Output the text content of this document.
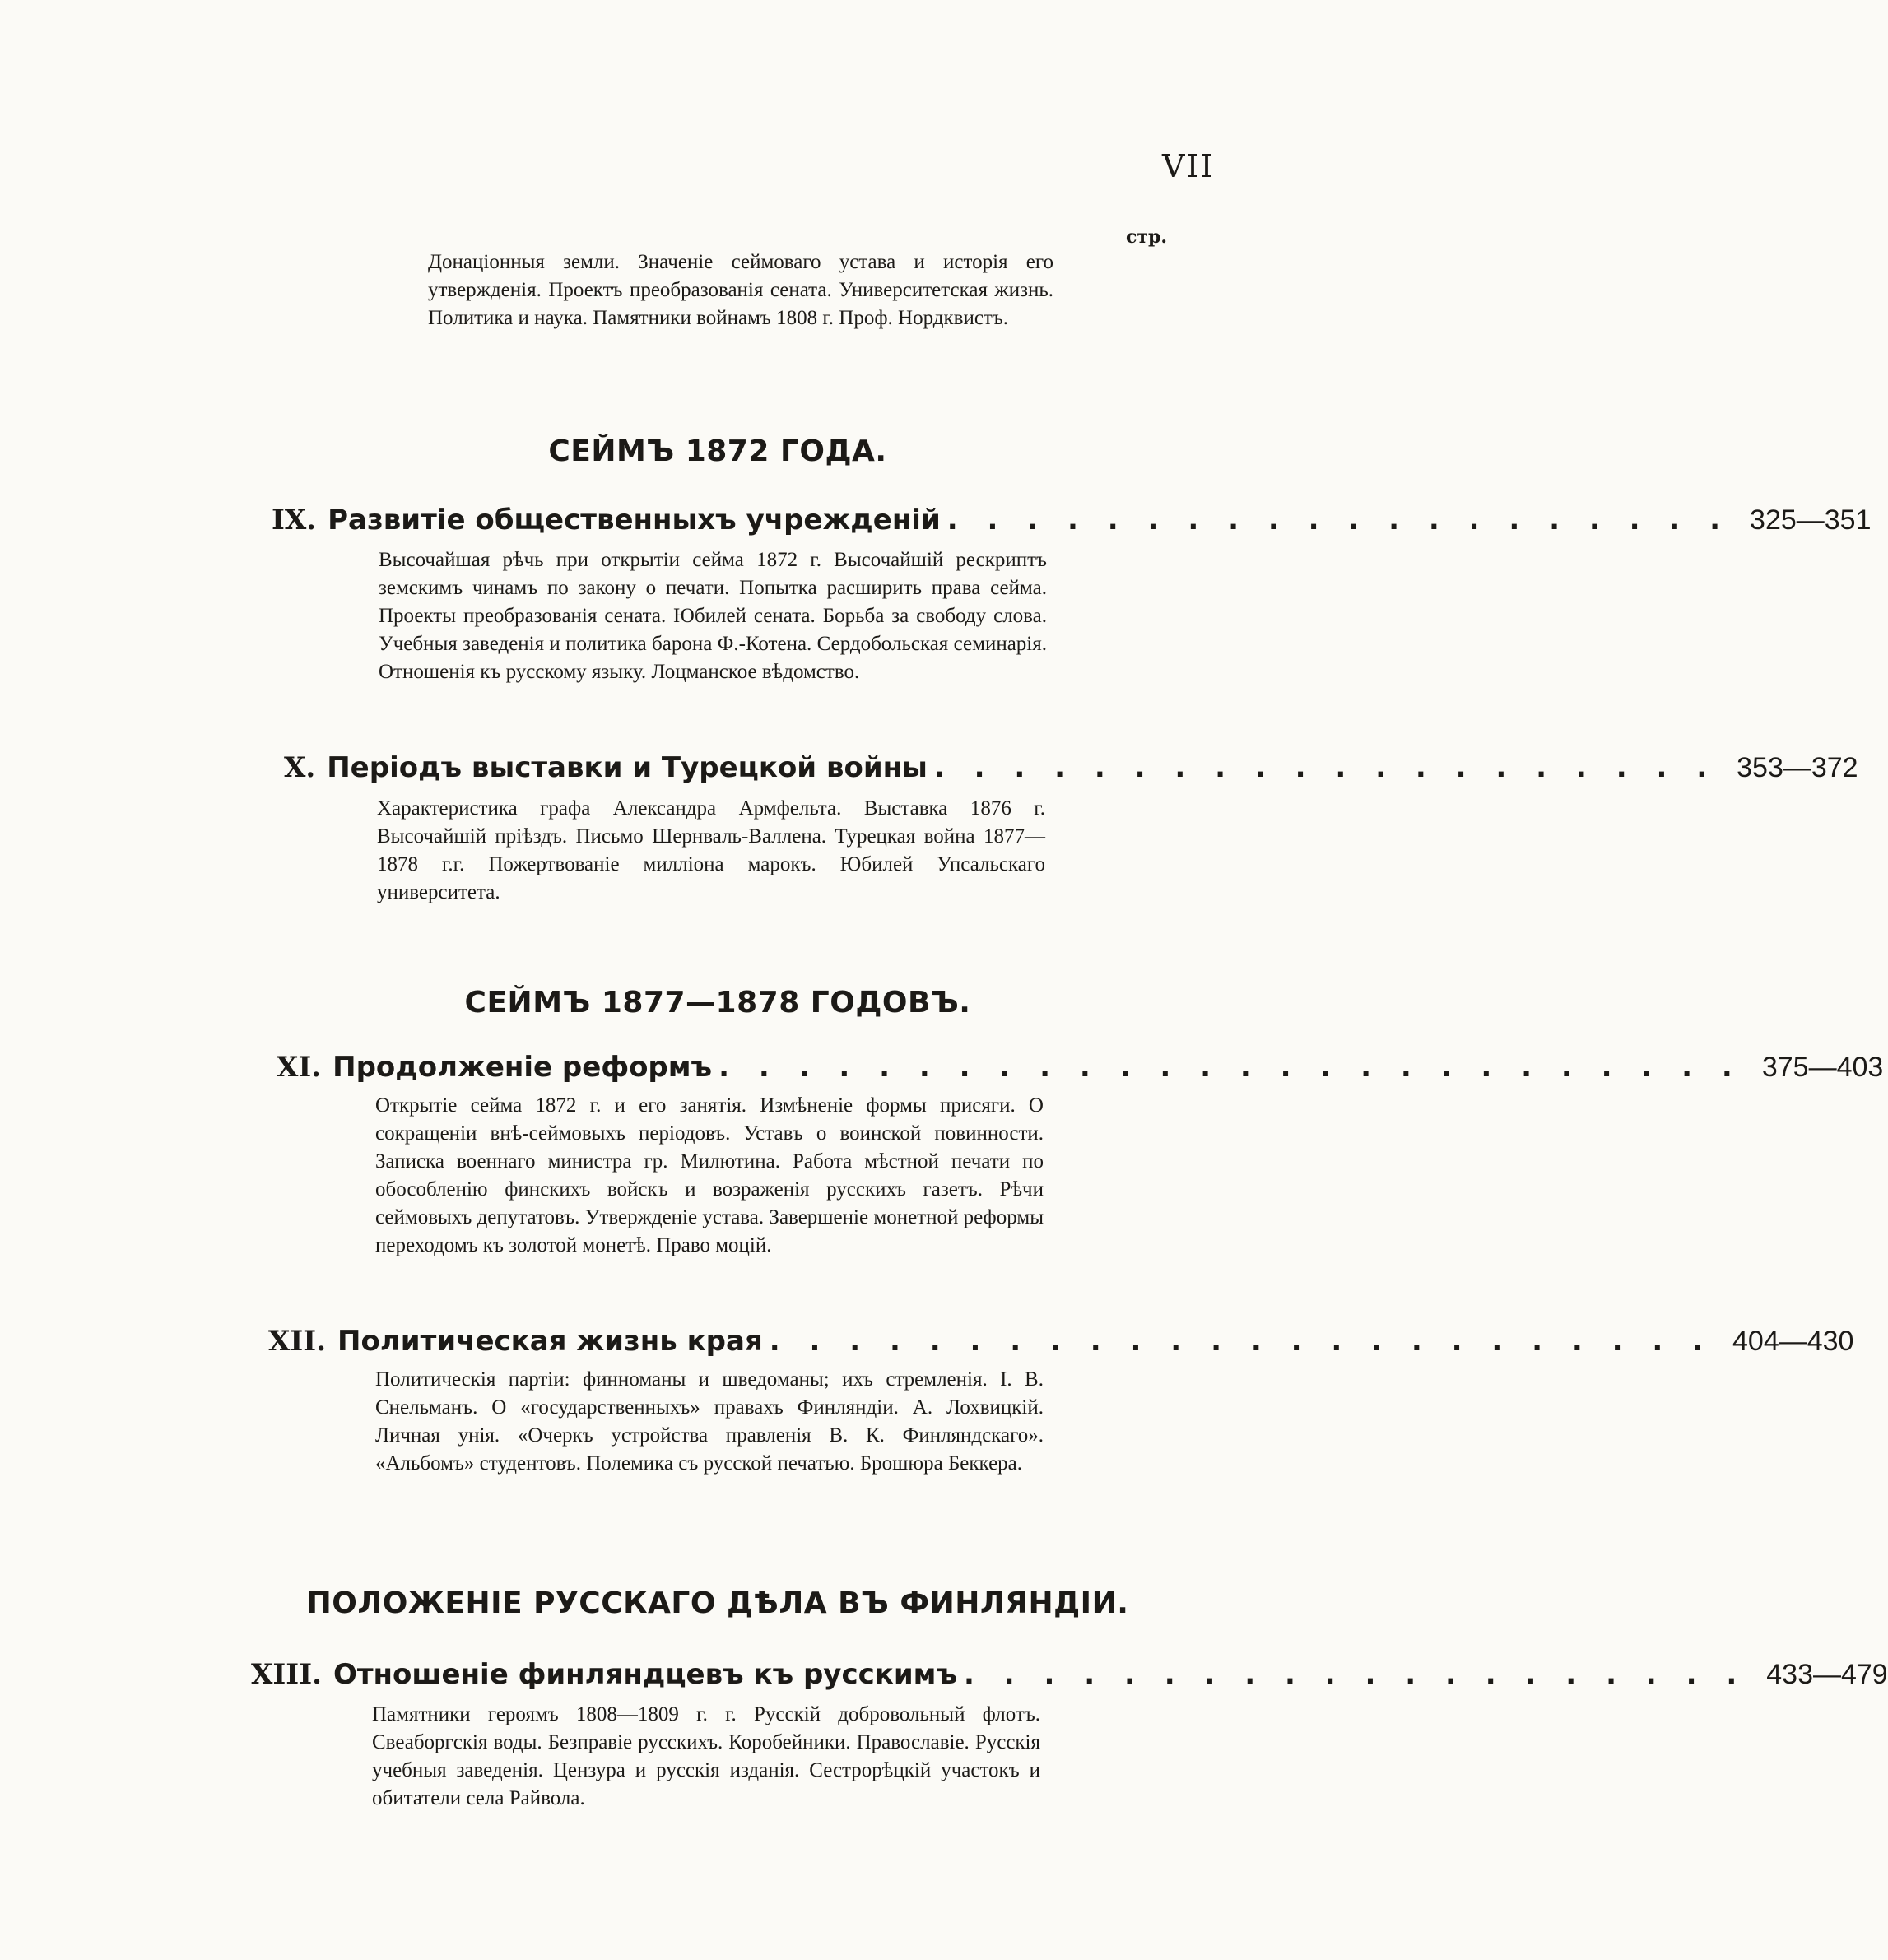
VII
стр.
Донаціонныя земли. Значеніе сеймоваго устава и исторія его утвержденія. Проектъ преобразованія сената. Университетская жизнь. Политика и наука. Памятники войнамъ 1808 г. Проф. Нордквистъ.
СЕЙМЪ 1872 ГОДА.
IX. Развитіе общественныхъ учрежденій . . . . . . . . . . . . . . . . . . . . 325—351
Высочайшая рѣчь при открытіи сейма 1872 г. Высочайшій рескриптъ земскимъ чинамъ по закону о печати. Попытка расширить права сейма. Проекты преобразованія сената. Юбилей сената. Борьба за свободу слова. Учебныя заведенія и политика барона Ф.-Котена. Сердобольская семинарія. Отношенія къ русскому языку. Лоцманское вѣдомство.
X. Періодъ выставки и Турецкой войны . . . . . . . . . . . . . . . . . . . . 353—372
Характеристика графа Александра Армфельта. Выставка 1876 г. Высочайшій пріѣздъ. Письмо Шернваль-Валлена. Турецкая война 1877—1878 г.г. Пожертвованіе милліона марокъ. Юбилей Упсальскаго университета.
СЕЙМЪ 1877—1878 ГОДОВЪ.
XI. Продолженіе реформъ . . . . . . . . . . . . . . . . . . . . . . . . . . 375—403
Открытіе сейма 1872 г. и его занятія. Измѣненіе формы присяги. О сокращеніи внѣ-сеймовыхъ періодовъ. Уставъ о воинской повинности. Записка военнаго министра гр. Милютина. Работа мѣстной печати по обособленію финскихъ войскъ и возраженія русскихъ газетъ. Рѣчи сеймовыхъ депутатовъ. Утвержденіе устава. Завершеніе монетной реформы переходомъ къ золотой монетѣ. Право моцій.
XII. Политическая жизнь края . . . . . . . . . . . . . . . . . . . . . . . . 404—430
Политическія партіи: финноманы и шведоманы; ихъ стремленія. I. В. Снельманъ. О «государственныхъ» правахъ Финляндіи. А. Лохвицкій. Личная унія. «Очеркъ устройства правленія В. К. Финляндскаго». «Альбомъ» студентовъ. Полемика съ русской печатью. Брошюра Беккера.
ПОЛОЖЕНІЕ РУССКАГО ДѢЛА ВЪ ФИНЛЯНДІИ.
XIII. Отношеніе финляндцевъ къ русскимъ . . . . . . . . . . . . . . . . . . . . 433—479
Памятники героямъ 1808—1809 г. г. Русскій добровольный флотъ. Свеаборгскія воды. Безправіе русскихъ. Коробейники. Православіе. Русскія учебныя заведенія. Цензура и русскія изданія. Сестрорѣцкій участокъ и обитатели села Райвола.
